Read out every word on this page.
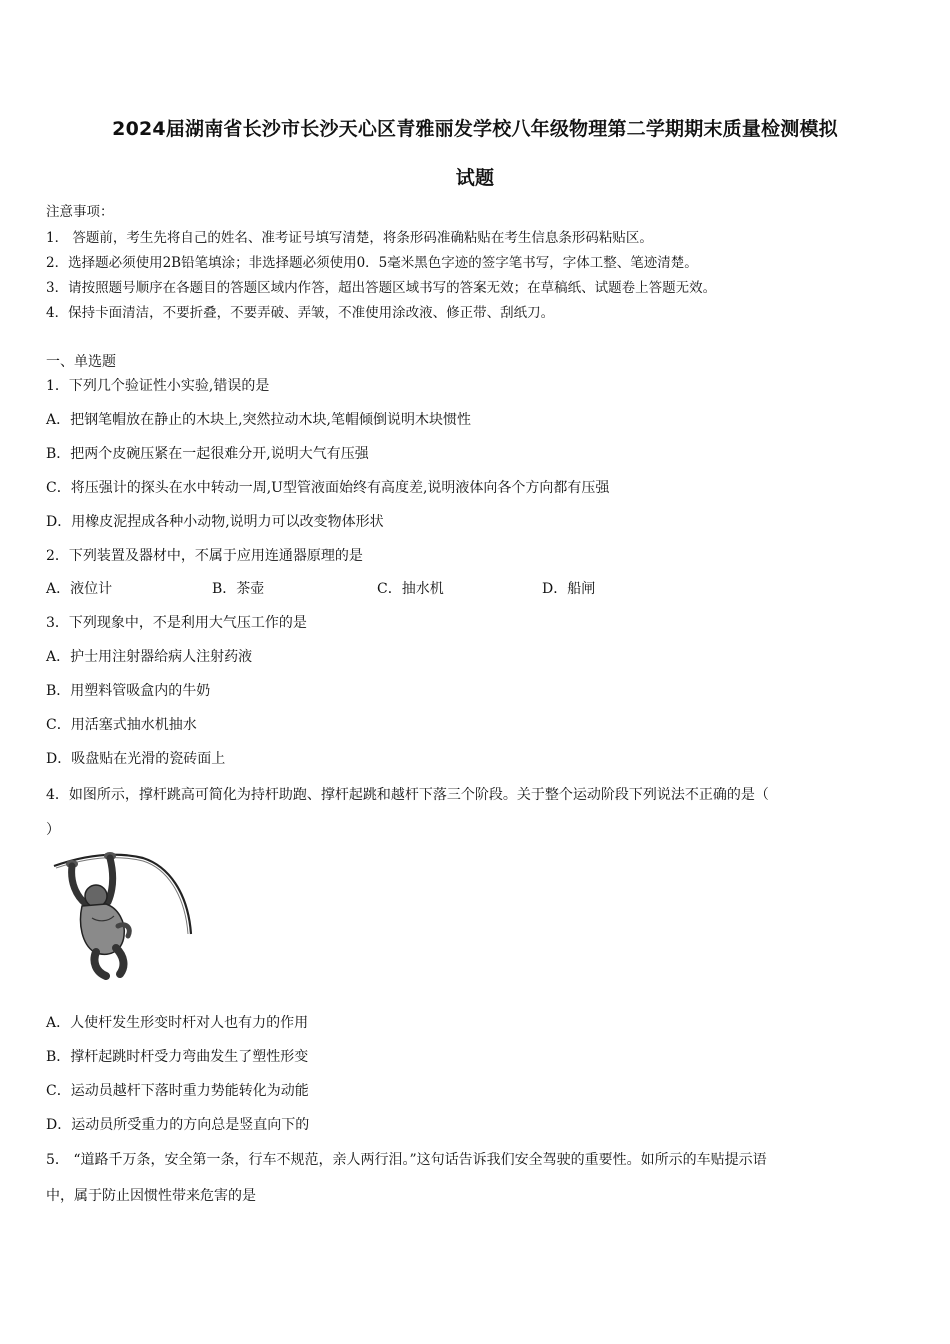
2024届湖南省长沙市长沙天心区青雅丽发学校八年级物理第二学期期末质量检测模拟
试题
注意事项：
1． 答题前，考生先将自己的姓名、准考证号填写清楚，将条形码准确粘贴在考生信息条形码粘贴区。
2．选择题必须使用2B铅笔填涂；非选择题必须使用0．5毫米黑色字迹的签字笔书写，字体工整、笔迹清楚。
3．请按照题号顺序在各题目的答题区域内作答，超出答题区域书写的答案无效；在草稿纸、试题卷上答题无效。
4．保持卡面清洁，不要折叠，不要弄破、弄皱，不准使用涂改液、修正带、刮纸刀。
一、单选题
1．下列几个验证性小实验,错误的是
A．把钢笔帽放在静止的木块上,突然拉动木块,笔帽倾倒说明木块惯性
B．把两个皮碗压紧在一起很难分开,说明大气有压强
C．将压强计的探头在水中转动一周,U型管液面始终有高度差,说明液体向各个方向都有压强
D．用橡皮泥捏成各种小动物,说明力可以改变物体形状
2．下列装置及器材中，不属于应用连通器原理的是
A．液位计	B．茶壶	C．抽水机	D．船闸
3．下列现象中，不是利用大气压工作的是
A．护士用注射器给病人注射药液
B．用塑料管吸盒内的牛奶
C．用活塞式抽水机抽水
D．吸盘贴在光滑的瓷砖面上
4．如图所示，撑杆跳高可简化为持杆助跑、撑杆起跳和越杆下落三个阶段。关于整个运动阶段下列说法不正确的是（
）
A．人使杆发生形变时杆对人也有力的作用
B．撑杆起跳时杆受力弯曲发生了塑性形变
C．运动员越杆下落时重力势能转化为动能
D．运动员所受重力的方向总是竖直向下的
5． “道路千万条，安全第一条，行车不规范，亲人两行泪。”这句话告诉我们安全驾驶的重要性。如所示的车贴提示语
中，属于防止因惯性带来危害的是
